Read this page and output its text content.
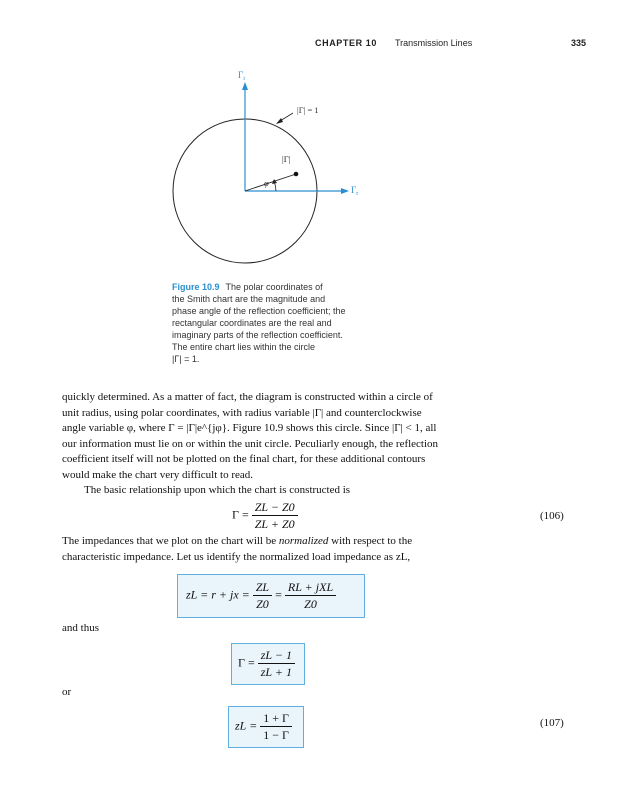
CHAPTER 10 Transmission Lines	335
$\Gamma_i$
$\Gamma_r$
|Γ| = 1
|Γ|
φ
Figure 10.9 The polar coordinates of
the Smith chart are the magnitude and
phase angle of the reflection coefficient; the
rectangular coordinates are the real and
imaginary parts of the reflection coefficient.
The entire chart lies within the circle
|Γ| = 1.
quickly determined. As a matter of fact, the diagram is constructed within a circle of
unit radius, using polar coordinates, with radius variable |Γ| and counterclockwise
angle variable φ, where Γ = |Γ|e^{jφ}. Figure 10.9 shows this circle. Since |Γ| < 1, all
our information must lie on or within the unit circle. Peculiarly enough, the reflection
coefficient itself will not be plotted on the final chart, for these additional contours
would make the chart very difficult to read.
The basic relationship upon which the chart is constructed is
$\Gamma = \frac{ZL - Z0}{ZL + Z0}$	(106)
The impedances that we plot on the chart will be normalized with respect to the
characteristic impedance. Let us identify the normalized load impedance as zL,
zL = r + jx = $\frac{ZL}{Z0} = \frac{\text{RL + jXL}}{Z0}$
and thus
$\Gamma = \frac{zL - 1}{zL + 1}$
or
zL = $\frac{1 + \Gamma}{1 - \Gamma}$	(107)
